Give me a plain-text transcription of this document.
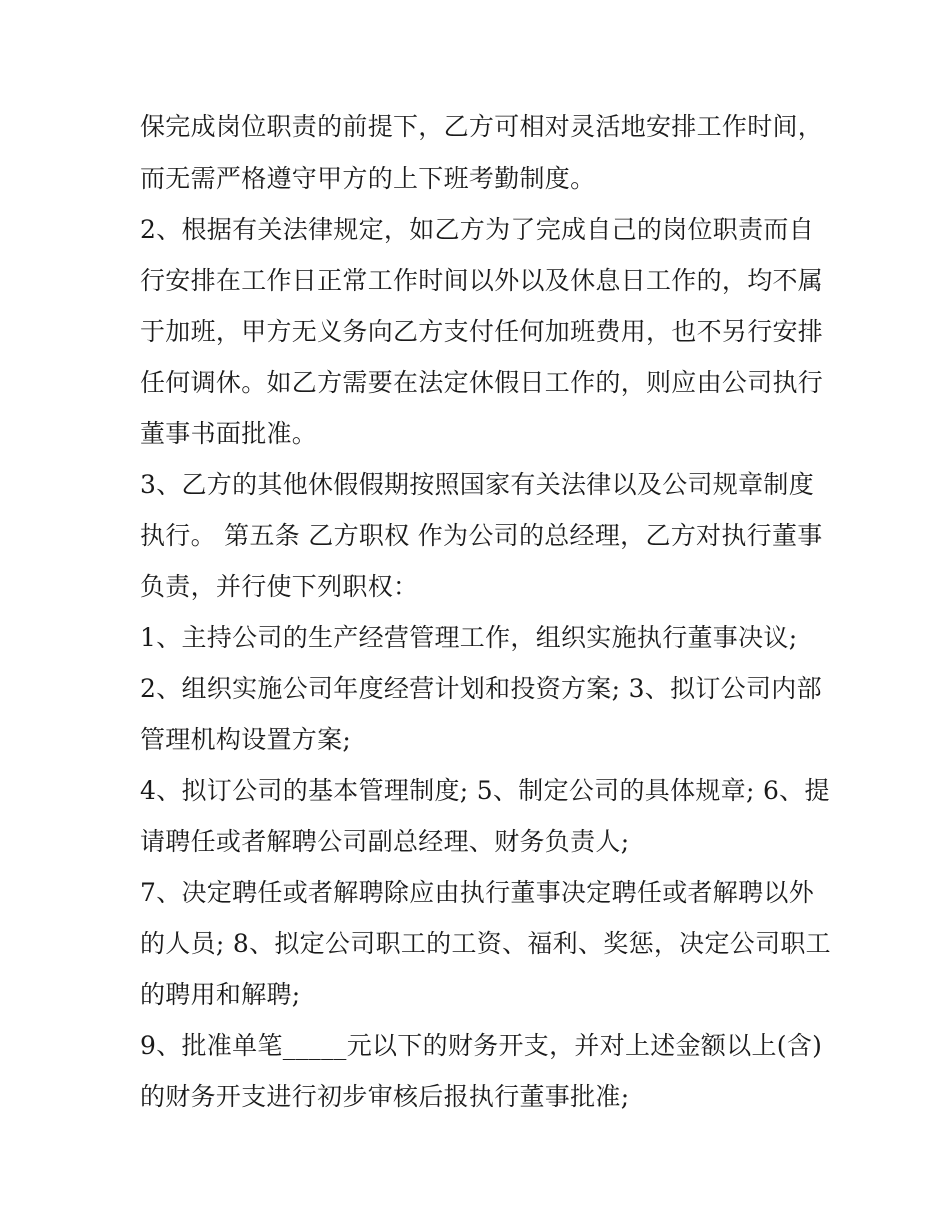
保完成岗位职责的前提下，乙方可相对灵活地安排工作时间，
而无需严格遵守甲方的上下班考勤制度。
2、根据有关法律规定，如乙方为了完成自己的岗位职责而自
行安排在工作日正常工作时间以外以及休息日工作的，均不属
于加班，甲方无义务向乙方支付任何加班费用，也不另行安排
任何调休。如乙方需要在法定休假日工作的，则应由公司执行
董事书面批准。
3、乙方的其他休假假期按照国家有关法律以及公司规章制度
执行。 第五条 乙方职权 作为公司的总经理，乙方对执行董事
负责，并行使下列职权：
1、主持公司的生产经营管理工作，组织实施执行董事决议;
2、组织实施公司年度经营计划和投资方案; 3、拟订公司内部
管理机构设置方案;
4、拟订公司的基本管理制度; 5、制定公司的具体规章; 6、提
请聘任或者解聘公司副总经理、财务负责人;
7、决定聘任或者解聘除应由执行董事决定聘任或者解聘以外
的人员; 8、拟定公司职工的工资、福利、奖惩，决定公司职工
的聘用和解聘;
9、批准单笔_____元以下的财务开支，并对上述金额以上(含)
的财务开支进行初步审核后报执行董事批准;
